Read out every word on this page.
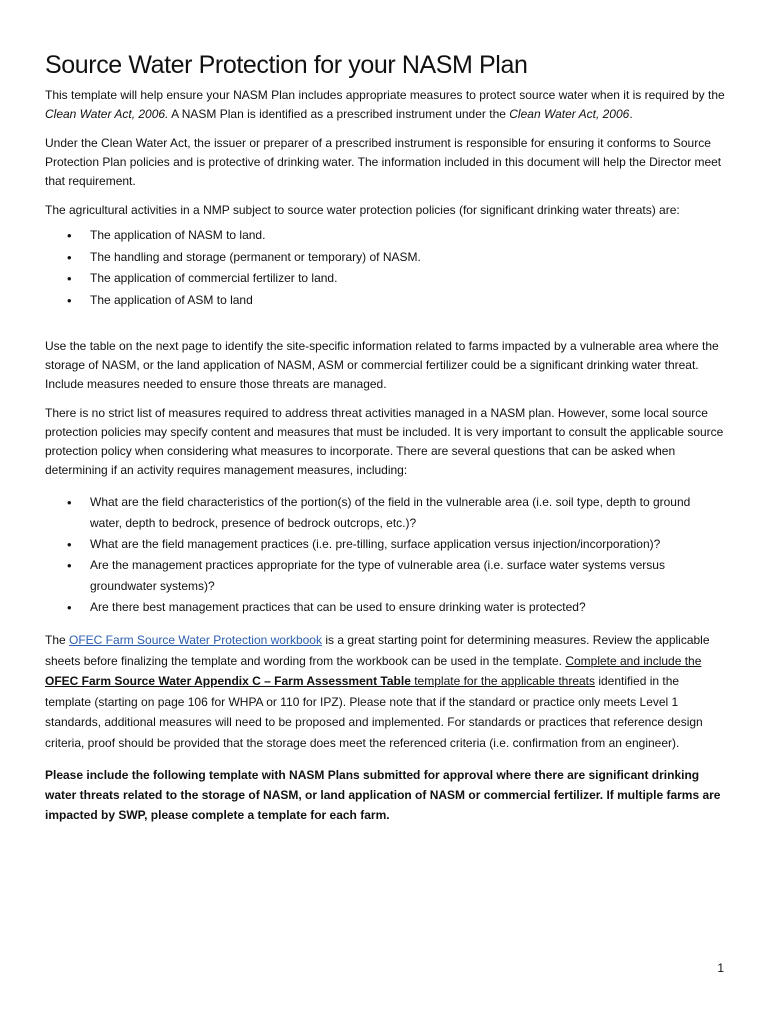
Source Water Protection for your NASM Plan

This template will help ensure your NASM Plan includes appropriate measures to protect source water when it is required by the Clean Water Act, 2006. A NASM Plan is identified as a prescribed instrument under the Clean Water Act, 2006.

Under the Clean Water Act, the issuer or preparer of a prescribed instrument is responsible for ensuring it conforms to Source Protection Plan policies and is protective of drinking water. The information included in this document will help the Director meet that requirement.

The agricultural activities in a NMP subject to source water protection policies (for significant drinking water threats) are:

• The application of NASM to land.
• The handling and storage (permanent or temporary) of NASM.
• The application of commercial fertilizer to land.
• The application of ASM to land

Use the table on the next page to identify the site-specific information related to farms impacted by a vulnerable area where the storage of NASM, or the land application of NASM, ASM or commercial fertilizer could be a significant drinking water threat. Include measures needed to ensure those threats are managed.

There is no strict list of measures required to address threat activities managed in a NASM plan. However, some local source protection policies may specify content and measures that must be included. It is very important to consult the applicable source protection policy when considering what measures to incorporate. There are several questions that can be asked when determining if an activity requires management measures, including:

• What are the field characteristics of the portion(s) of the field in the vulnerable area (i.e. soil type, depth to ground water, depth to bedrock, presence of bedrock outcrops, etc.)?
• What are the field management practices (i.e. pre-tilling, surface application versus injection/incorporation)?
• Are the management practices appropriate for the type of vulnerable area (i.e. surface water systems versus groundwater systems)?
• Are there best management practices that can be used to ensure drinking water is protected?

The OFEC Farm Source Water Protection workbook is a great starting point for determining measures. Review the applicable sheets before finalizing the template and wording from the workbook can be used in the template. Complete and include the OFEC Farm Source Water Appendix C – Farm Assessment Table template for the applicable threats identified in the template (starting on page 106 for WHPA or 110 for IPZ). Please note that if the standard or practice only meets Level 1 standards, additional measures will need to be proposed and implemented. For standards or practices that reference design criteria, proof should be provided that the storage does meet the referenced criteria (i.e. confirmation from an engineer).

Please include the following template with NASM Plans submitted for approval where there are significant drinking water threats related to the storage of NASM, or land application of NASM or commercial fertilizer. If multiple farms are impacted by SWP, please complete a template for each farm.

1
